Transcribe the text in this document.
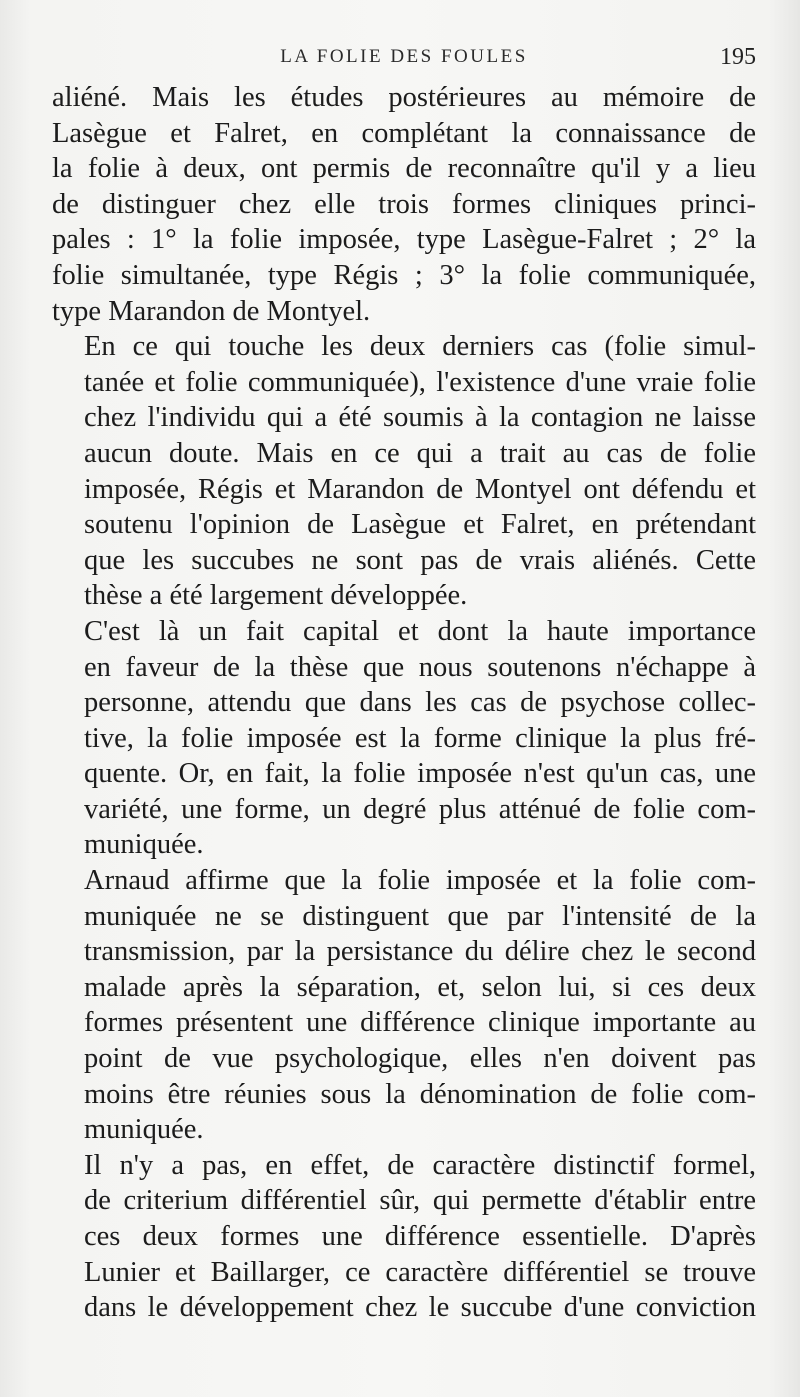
LA FOLIE DES FOULES	195

aliéné. Mais les études postérieures au mémoire de
Lasègue et Falret, en complétant la connaissance de
la folie à deux, ont permis de reconnaître qu'il y a lieu
de distinguer chez elle trois formes cliniques princi-
pales : 1° la folie imposée, type Lasègue-Falret ; 2° la
folie simultanée, type Régis ; 3° la folie communiquée,
type Marandon de Montyel.

En ce qui touche les deux derniers cas (folie simul-
tanée et folie communiquée), l'existence d'une vraie folie
chez l'individu qui a été soumis à la contagion ne laisse
aucun doute. Mais en ce qui a trait au cas de folie
imposée, Régis et Marandon de Montyel ont défendu et
soutenu l'opinion de Lasègue et Falret, en prétendant
que les succubes ne sont pas de vrais aliénés. Cette
thèse a été largement développée.

C'est là un fait capital et dont la haute importance
en faveur de la thèse que nous soutenons n'échappe à
personne, attendu que dans les cas de psychose collec-
tive, la folie imposée est la forme clinique la plus fré-
quente. Or, en fait, la folie imposée n'est qu'un cas, une
variété, une forme, un degré plus atténué de folie com-
muniquée.

Arnaud affirme que la folie imposée et la folie com-
muniquée ne se distinguent que par l'intensité de la
transmission, par la persistance du délire chez le second
malade après la séparation, et, selon lui, si ces deux
formes présentent une différence clinique importante au
point de vue psychologique, elles n'en doivent pas
moins être réunies sous la dénomination de folie com-
muniquée.

Il n'y a pas, en effet, de caractère distinctif formel,
de criterium différentiel sûr, qui permette d'établir entre
ces deux formes une différence essentielle. D'après
Lunier et Baillarger, ce caractère différentiel se trouve
dans le développement chez le succube d'une conviction
